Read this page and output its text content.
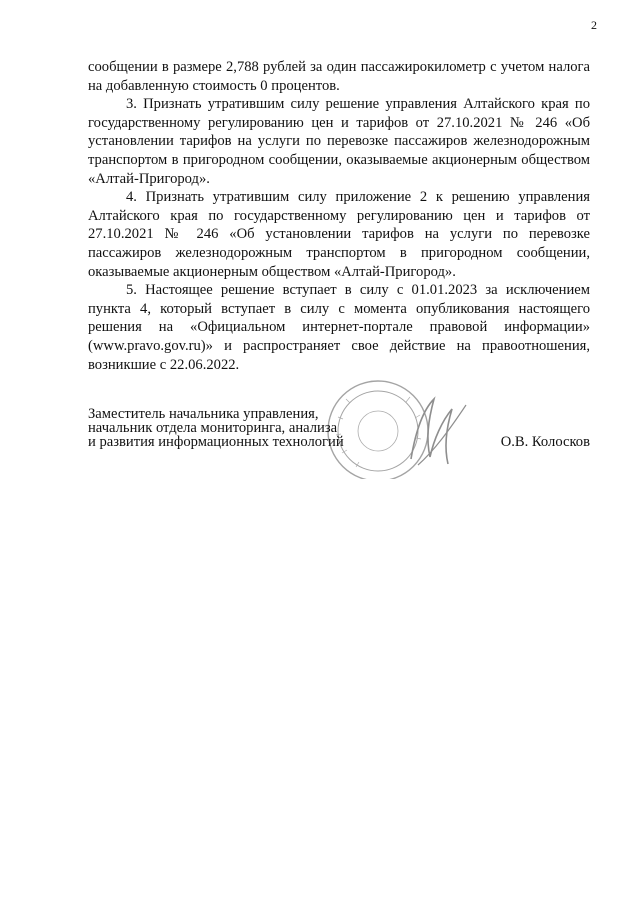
2

сообщении в размере 2,788 рублей за один пассажирокилометр с учетом налога на добавленную стоимость 0 процентов.

3. Признать утратившим силу решение управления Алтайского края по государственному регулированию цен и тарифов от 27.10.2021 № 246 «Об установлении тарифов на услуги по перевозке пассажиров железнодорожным транспортом в пригородном сообщении, оказываемые акционерным обществом «Алтай-Пригород».

4. Признать утратившим силу приложение 2 к решению управления Алтайского края по государственному регулированию цен и тарифов от 27.10.2021 № 246 «Об установлении тарифов на услуги по перевозке пассажиров железнодорожным транспортом в пригородном сообщении, оказываемые акционерным обществом «Алтай-Пригород».

5. Настоящее решение вступает в силу с 01.01.2023 за исключением пункта 4, который вступает в силу с момента опубликования настоящего решения на «Официальном интернет-портале правовой информации» (www.pravo.gov.ru)» и распространяет свое действие на правоотношения, возникшие с 22.06.2022.

Заместитель начальника управления,
начальник отдела мониторинга, анализа
и развития информационных технологий	О.В. Колосков
